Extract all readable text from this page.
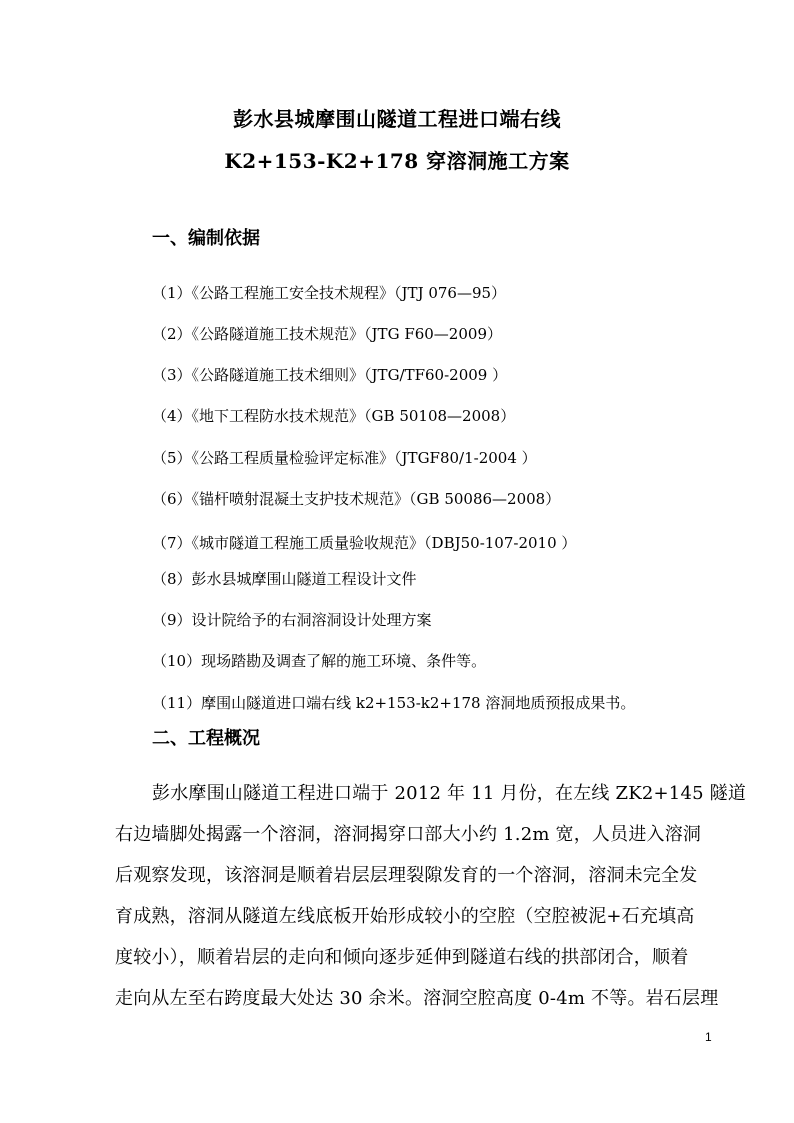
彭水县城摩围山隧道工程进口端右线
K2+153-K2+178 穿溶洞施工方案
一、编制依据
（1）《公路工程施工安全技术规程》（JTJ 076—95）
（2）《公路隧道施工技术规范》（JTG F60—2009）
（3）《公路隧道施工技术细则》（JTG/TF60-2009 ）
（4）《地下工程防水技术规范》（GB 50108—2008）
（5）《公路工程质量检验评定标准》（JTGF80/1-2004 ）
（6）《锚杆喷射混凝土支护技术规范》（GB 50086—2008）
（7）《城市隧道工程施工质量验收规范》（DBJ50-107-2010 ）
（8）彭水县城摩围山隧道工程设计文件
（9）设计院给予的右洞溶洞设计处理方案
（10）现场踏勘及调查了解的施工环境、条件等。
（11）摩围山隧道进口端右线 k2+153-k2+178 溶洞地质预报成果书。
二、工程概况
彭水摩围山隧道工程进口端于 2012 年 11 月份，在左线 ZK2+145 隧道
右边墙脚处揭露一个溶洞，溶洞揭穿口部大小约 1.2m 宽，人员进入溶洞
后观察发现，该溶洞是顺着岩层层理裂隙发育的一个溶洞，溶洞未完全发
育成熟，溶洞从隧道左线底板开始形成较小的空腔（空腔被泥+石充填高
度较小），顺着岩层的走向和倾向逐步延伸到隧道右线的拱部闭合，顺着
走向从左至右跨度最大处达 30 余米。溶洞空腔高度 0-4m 不等。岩石层理
1
